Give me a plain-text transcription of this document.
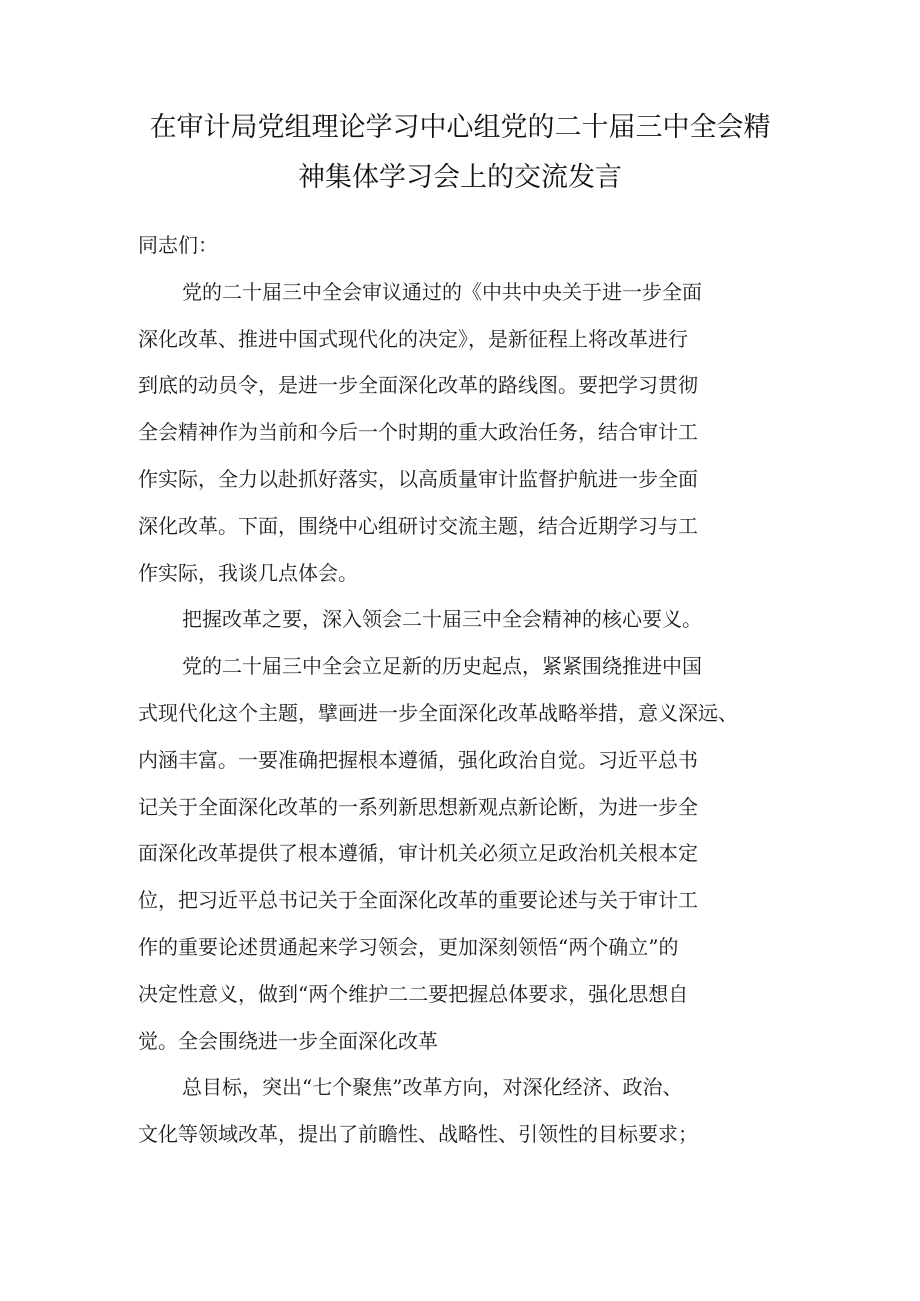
在审计局党组理论学习中心组党的二十届三中全会精
神集体学习会上的交流发言

同志们：

党的二十届三中全会审议通过的《中共中央关于进一步全面

深化改革、推进中国式现代化的决定》，是新征程上将改革进行

到底的动员令，是进一步全面深化改革的路线图。要把学习贯彻

全会精神作为当前和今后一个时期的重大政治任务，结合审计工

作实际，全力以赴抓好落实，以高质量审计监督护航进一步全面

深化改革。下面，围绕中心组研讨交流主题，结合近期学习与工

作实际，我谈几点体会。

把握改革之要，深入领会二十届三中全会精神的核心要义。

党的二十届三中全会立足新的历史起点，紧紧围绕推进中国

式现代化这个主题，擘画进一步全面深化改革战略举措，意义深远、

内涵丰富。一要准确把握根本遵循，强化政治自觉。习近平总书

记关于全面深化改革的一系列新思想新观点新论断，为进一步全

面深化改革提供了根本遵循，审计机关必须立足政治机关根本定

位，把习近平总书记关于全面深化改革的重要论述与关于审计工

作的重要论述贯通起来学习领会，更加深刻领悟“两个确立”的

决定性意义，做到“两个维护二二要把握总体要求，强化思想自

觉。全会围绕进一步全面深化改革

总目标，突出“七个聚焦”改革方向，对深化经济、政治、

文化等领域改革，提出了前瞻性、战略性、引领性的目标要求；
